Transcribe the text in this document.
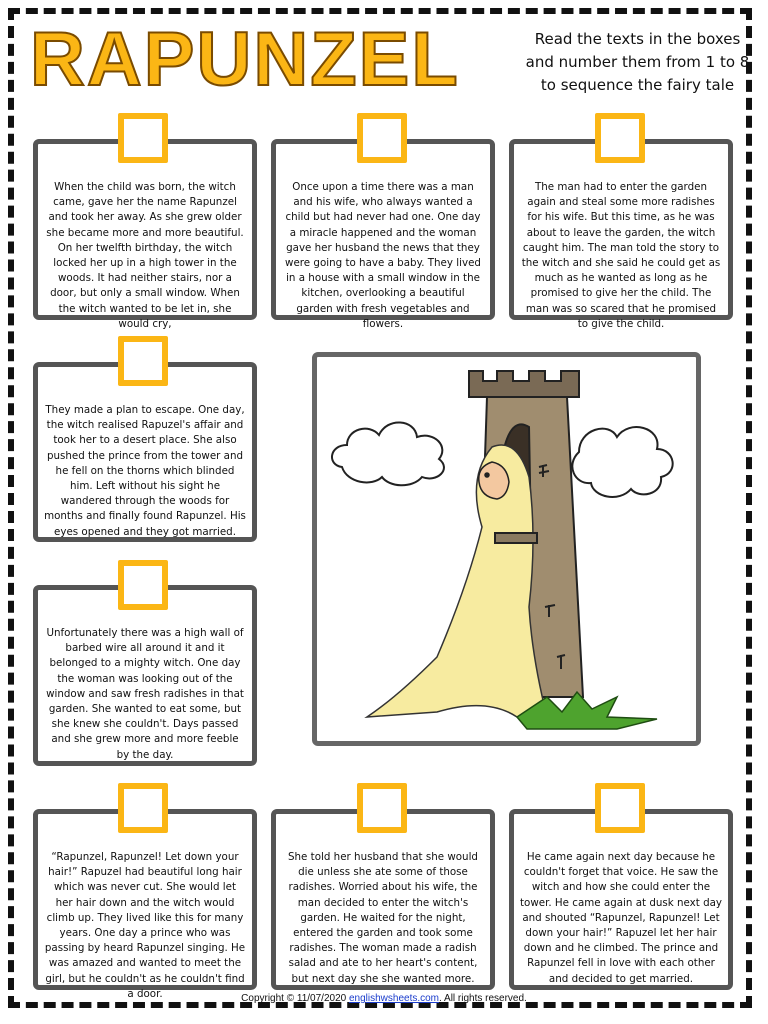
RAPUNZEL	Read the texts in the boxes
and number them from 1 to 8
to sequence the fairy tale
When the child was born, the witch came, gave her the name Rapunzel and took her away. As she grew older she became more and more beautiful. On her twelfth birthday, the witch locked her up in a high tower in the woods. It had neither stairs, nor a door, but only a small window. When the witch wanted to be let in, she would cry,
Once upon a time there was a man and his wife, who always wanted a child but had never had one. One day a miracle happened and the woman gave her husband the news that they were going to have a baby. They lived in a house with a small window in the kitchen, overlooking a beautiful garden with fresh vegetables and flowers.
The man had to enter the garden again and steal some more radishes for his wife. But this time, as he was about to leave the garden, the witch caught him. The man told the story to the witch and she said he could get as much as he wanted as long as he promised to give her the child. The man was so scared that he promised to give the child.
They made a plan to escape. One day, the witch realised Rapuzel's affair and took her to a desert place. She also pushed the prince from the tower and he fell on the thorns which blinded him. Left without his sight he wandered through the woods for months and finally found Rapunzel. His eyes opened and they got married.
Unfortunately there was a high wall of barbed wire all around it and it belonged to a mighty witch. One day the woman was looking out of the window and saw fresh radishes in that garden. She wanted to eat some, but she knew she couldn't. Days passed and she grew more and more feeble by the day.
“Rapunzel, Rapunzel! Let down your hair!” Rapuzel had beautiful long hair which was never cut. She would let her hair down and the witch would climb up. They lived like this for many years. One day a prince who was passing by heard Rapunzel singing. He was amazed and wanted to meet the girl, but he couldn't as he couldn't find a door.
She told her husband that she would die unless she ate some of those radishes. Worried about his wife, the man decided to enter the witch's garden. He waited for the night, entered the garden and took some radishes. The woman made a radish salad and ate to her heart's content, but next day she she wanted more.
He came again next day because he couldn't forget that voice. He saw the witch and how she could enter the tower. He came again at dusk next day and shouted “Rapunzel, Rapunzel! Let down your hair!” Rapuzel let her hair down and he climbed. The prince and Rapunzel fell in love with each other and decided to get married.
Copyright © 11/07/2020 englishwsheets.com. All rights reserved.
